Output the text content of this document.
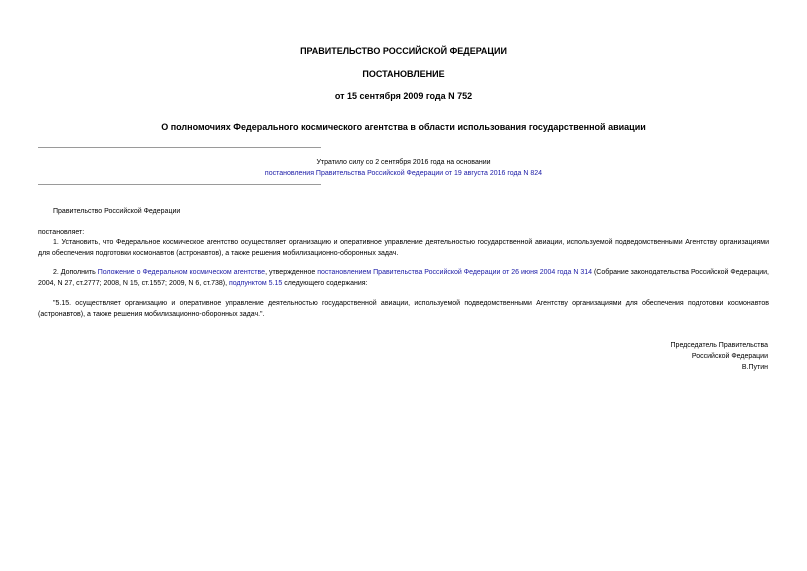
ПРАВИТЕЛЬСТВО РОССИЙСКОЙ ФЕДЕРАЦИИ
ПОСТАНОВЛЕНИЕ
от 15 сентября 2009 года N 752
О полномочиях Федерального космического агентства в области использования государственной авиации
Утратило силу со 2 сентября 2016 года на основании
постановления Правительства Российской Федерации от 19 августа 2016 года N 824
Правительство Российской Федерации
постановляет:
1. Установить, что Федеральное космическое агентство осуществляет организацию и оперативное управление деятельностью государственной авиации, используемой подведомственными Агентству организациями для обеспечения подготовки космонавтов (астронавтов), а также решения мобилизационно-оборонных задач.
2. Дополнить Положение о Федеральном космическом агентстве, утвержденное постановлением Правительства Российской Федерации от 26 июня 2004 года N 314 (Собрание законодательства Российской Федерации, 2004, N 27, ст.2777; 2008, N 15, ст.1557; 2009, N 6, ст.738), подпунктом 5.15 следующего содержания:
"5.15. осуществляет организацию и оперативное управление деятельностью государственной авиации, используемой подведомственными Агентству организациями для обеспечения подготовки космонавтов (астронавтов), а также решения мобилизационно-оборонных задач.".
Председатель Правительства
Российской Федерации
В.Путин
